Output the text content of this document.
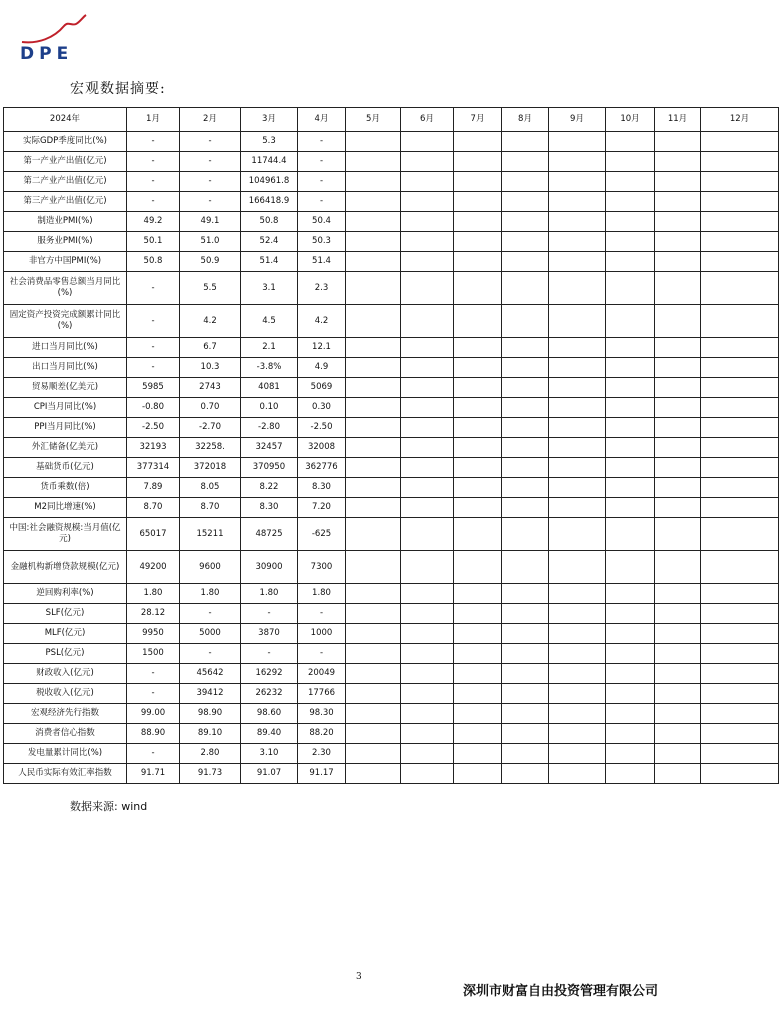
DPE
宏观数据摘要:
2024年	1月	2月	3月	4月	5月	6月	7月	8月	9月	10月	11月	12月
实际GDP季度同比(%)	-	-	5.3	-								
第一产业产出值(亿元)	-	-	11744.4	-								
第二产业产出值(亿元)	-	-	104961.8	-								
第三产业产出值(亿元)	-	-	166418.9	-								
制造业PMI(%)	49.2	49.1	50.8	50.4								
服务业PMI(%)	50.1	51.0	52.4	50.3								
非官方中国PMI(%)	50.8	50.9	51.4	51.4								
社会消费品零售总额当月同比(%)	-	5.5	3.1	2.3								
固定资产投资完成额累计同比(%)	-	4.2	4.5	4.2								
进口当月同比(%)	-	6.7	2.1	12.1								
出口当月同比(%)	-	10.3	-3.8%	4.9								
贸易顺差(亿美元)	5985	2743	4081	5069								
CPI当月同比(%)	-0.80	0.70	0.10	0.30								
PPI当月同比(%)	-2.50	-2.70	-2.80	-2.50								
外汇储备(亿美元)	32193	32258.	32457	32008								
基础货币(亿元)	377314	372018	370950	362776								
货币乘数(倍)	7.89	8.05	8.22	8.30								
M2同比增速(%)	8.70	8.70	8.30	7.20								
中国:社会融资规模:当月值(亿元)	65017	15211	48725	-625								
金融机构新增贷款规模(亿元)	49200	9600	30900	7300								
逆回购利率(%)	1.80	1.80	1.80	1.80								
SLF(亿元)	28.12	-	-	-								
MLF(亿元)	9950	5000	3870	1000								
PSL(亿元)	1500	-	-	-								
财政收入(亿元)	-	45642	16292	20049								
税收收入(亿元)	-	39412	26232	17766								
宏观经济先行指数	99.00	98.90	98.60	98.30								
消费者信心指数	88.90	89.10	89.40	88.20								
发电量累计同比(%)	-	2.80	3.10	2.30								
人民币实际有效汇率指数	91.71	91.73	91.07	91.17								
数据来源: wind
3
深圳市财富自由投资管理有限公司
